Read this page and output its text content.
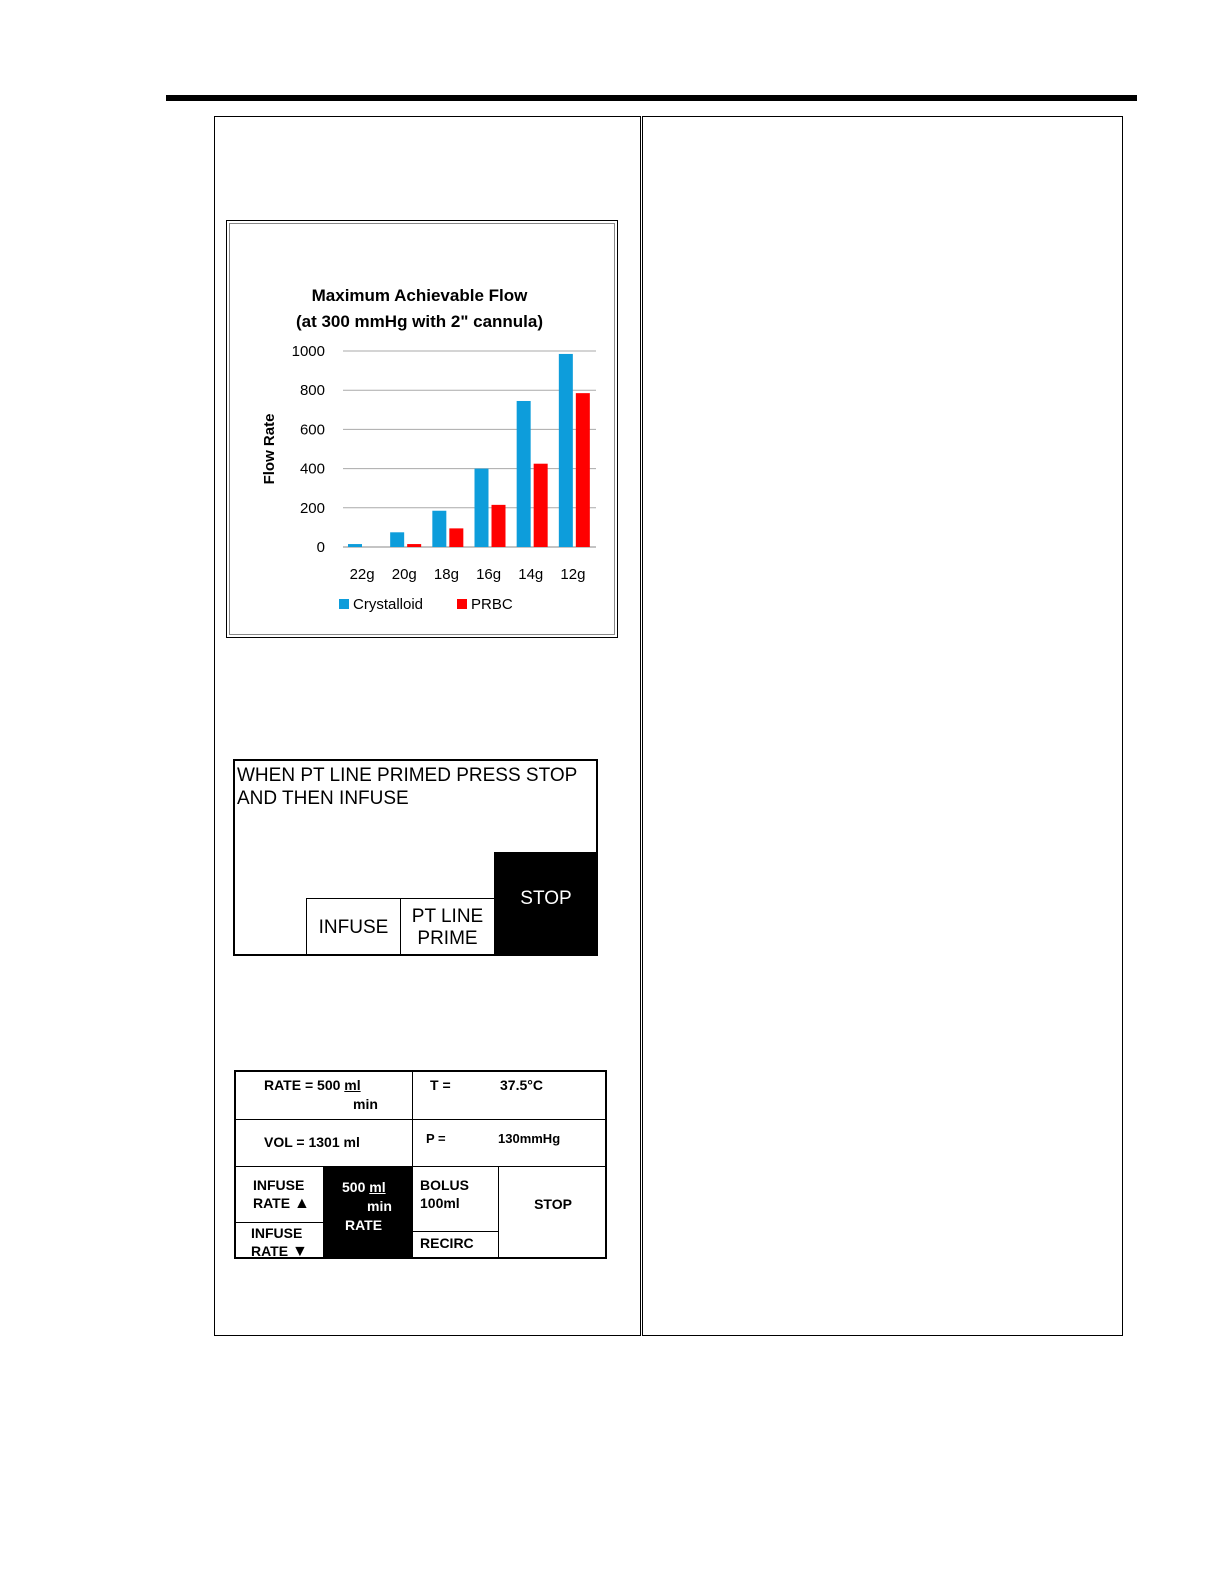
Maximum Achievable Flow
(at 300 mmHg with 2" cannula)
0
200
400
600
800
1000
Flow Rate
22g 20g 18g 16g 14g 12g
Crystalloid	PRBC
WHEN PT LINE PRIMED PRESS STOP AND THEN INFUSE
INFUSE
PT LINE
PRIME
STOP
RATE = 500 ml
min
T =	37.5°C
VOL = 1301 ml	P =	130mmHg
INFUSE
RATE ▲
INFUSE
RATE ▼
500 ml
min
RATE
BOLUS
100ml
RECIRC
STOP
